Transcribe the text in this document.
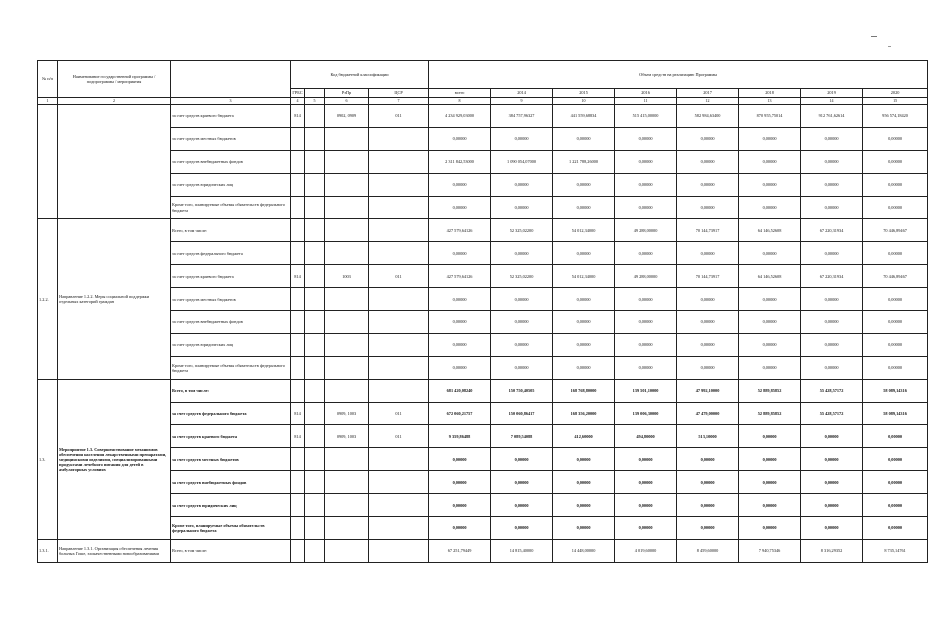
№ п/п	Наименование государственной программы / подпрограммы / мероприятия		Код бюджетной классификации				Объем средств на реализацию Программы							
			ГРБС		РзПр	ЦСР	всего	2014	2015	2016	2017	2018	2019	2020
1	2	3	4	5	6	7	8	9	10	11	12	13	14	15
		за счет средств краевого бюджета	814		0902, 0909	011	4 234 929,03000	384 757,96327	441 559,68834	515 415,00000	582 984,63400	870 955,75014	912 761,62614	956 574,18420
		за счет средств местных бюджетов					0,00000	0,00000	0,00000	0,00000	0,00000	0,00000	0,00000	0,00000
		за счет средств внебюджетных фондов					2 311 842,53000	1 090 054,07000	1 221 788,26000	0,00000	0,00000	0,00000	0,00000	0,00000
		за счет средств юридических лиц					0,00000	0,00000	0,00000	0,00000	0,00000	0,00000	0,00000	0,00000
		Кроме того, планируемые объемы обязательств федерального бюджета					0,00000	0,00000	0,00000	0,00000	0,00000	0,00000	0,00000	0,00000
1.2.2.	Направление 1.2.2. Меры социальной поддержки отдельных категорий граждан	Всего, в том числе:					427 579,64126	52 325,02200	54 012,34000	49 288,00000	70 144,73917	64 146,52608	67 220,31934	70 446,89467
		за счет средств федерального бюджета					0,00000	0,00000	0,00000	0,00000	0,00000	0,00000	0,00000	0,00000
		за счет средств краевого бюджета	814		1003	011	427 579,64126	52 325,02200	54 012,34000	49 288,00000	70 144,73917	64 146,52608	67 220,31934	70 446,89467
		за счет средств местных бюджетов					0,00000	0,00000	0,00000	0,00000	0,00000	0,00000	0,00000	0,00000
		за счет средств внебюджетных фондов					0,00000	0,00000	0,00000	0,00000	0,00000	0,00000	0,00000	0,00000
		за счет средств юридических лиц					0,00000	0,00000	0,00000	0,00000	0,00000	0,00000	0,00000	0,00000
		Кроме того, планируемые объемы обязательств федерального бюджета					0,00000	0,00000	0,00000	0,00000	0,00000	0,00000	0,00000	0,00000
1.3.	Мероприятие 1.3. Совершенствование механизмов обеспечения населения лекарственными препаратами, медицинскими изделиями, специализированными продуктами лечебного питания для детей в амбулаторных условиях	Всего, в том числе:					681 420,08240	150 750,40505	168 768,80000	139 501,10000	47 992,10000	52 889,85852	55 428,57172	58 089,14316
		за счет средств федерального бюджета	814		0909, 1003	011	672 060,21757	150 060,86417	168 356,20000	139 006,30000	47 479,00000	52 889,85852	55 428,57172	58 089,14316
		за счет средств краевого бюджета	814		0909, 1003	011	9 359,86488	7 089,54088	412,60000	494,80000	513,10000	0,00000	0,00000	0,00000
		за счет средств местных бюджетов					0,00000	0,00000	0,00000	0,00000	0,00000	0,00000	0,00000	0,00000
		за счет средств внебюджетных фондов					0,00000	0,00000	0,00000	0,00000	0,00000	0,00000	0,00000	0,00000
		за счет средств юридических лиц					0,00000	0,00000	0,00000	0,00000	0,00000	0,00000	0,00000	0,00000
		Кроме того, планируемые объемы обязательств федерального бюджета					0,00000	0,00000	0,00000	0,00000	0,00000	0,00000	0,00000	0,00000
1.3.1.	Направление 1.3.1. Организация обеспечения лечения больных Гоше, злокачественными новообразованиями	Всего, в том числе:					67 251,79449	14 815,40000	14 448,00000	4 019,60000	8 459,60000	7 940,75346	8 316,29352	8 735,14761
